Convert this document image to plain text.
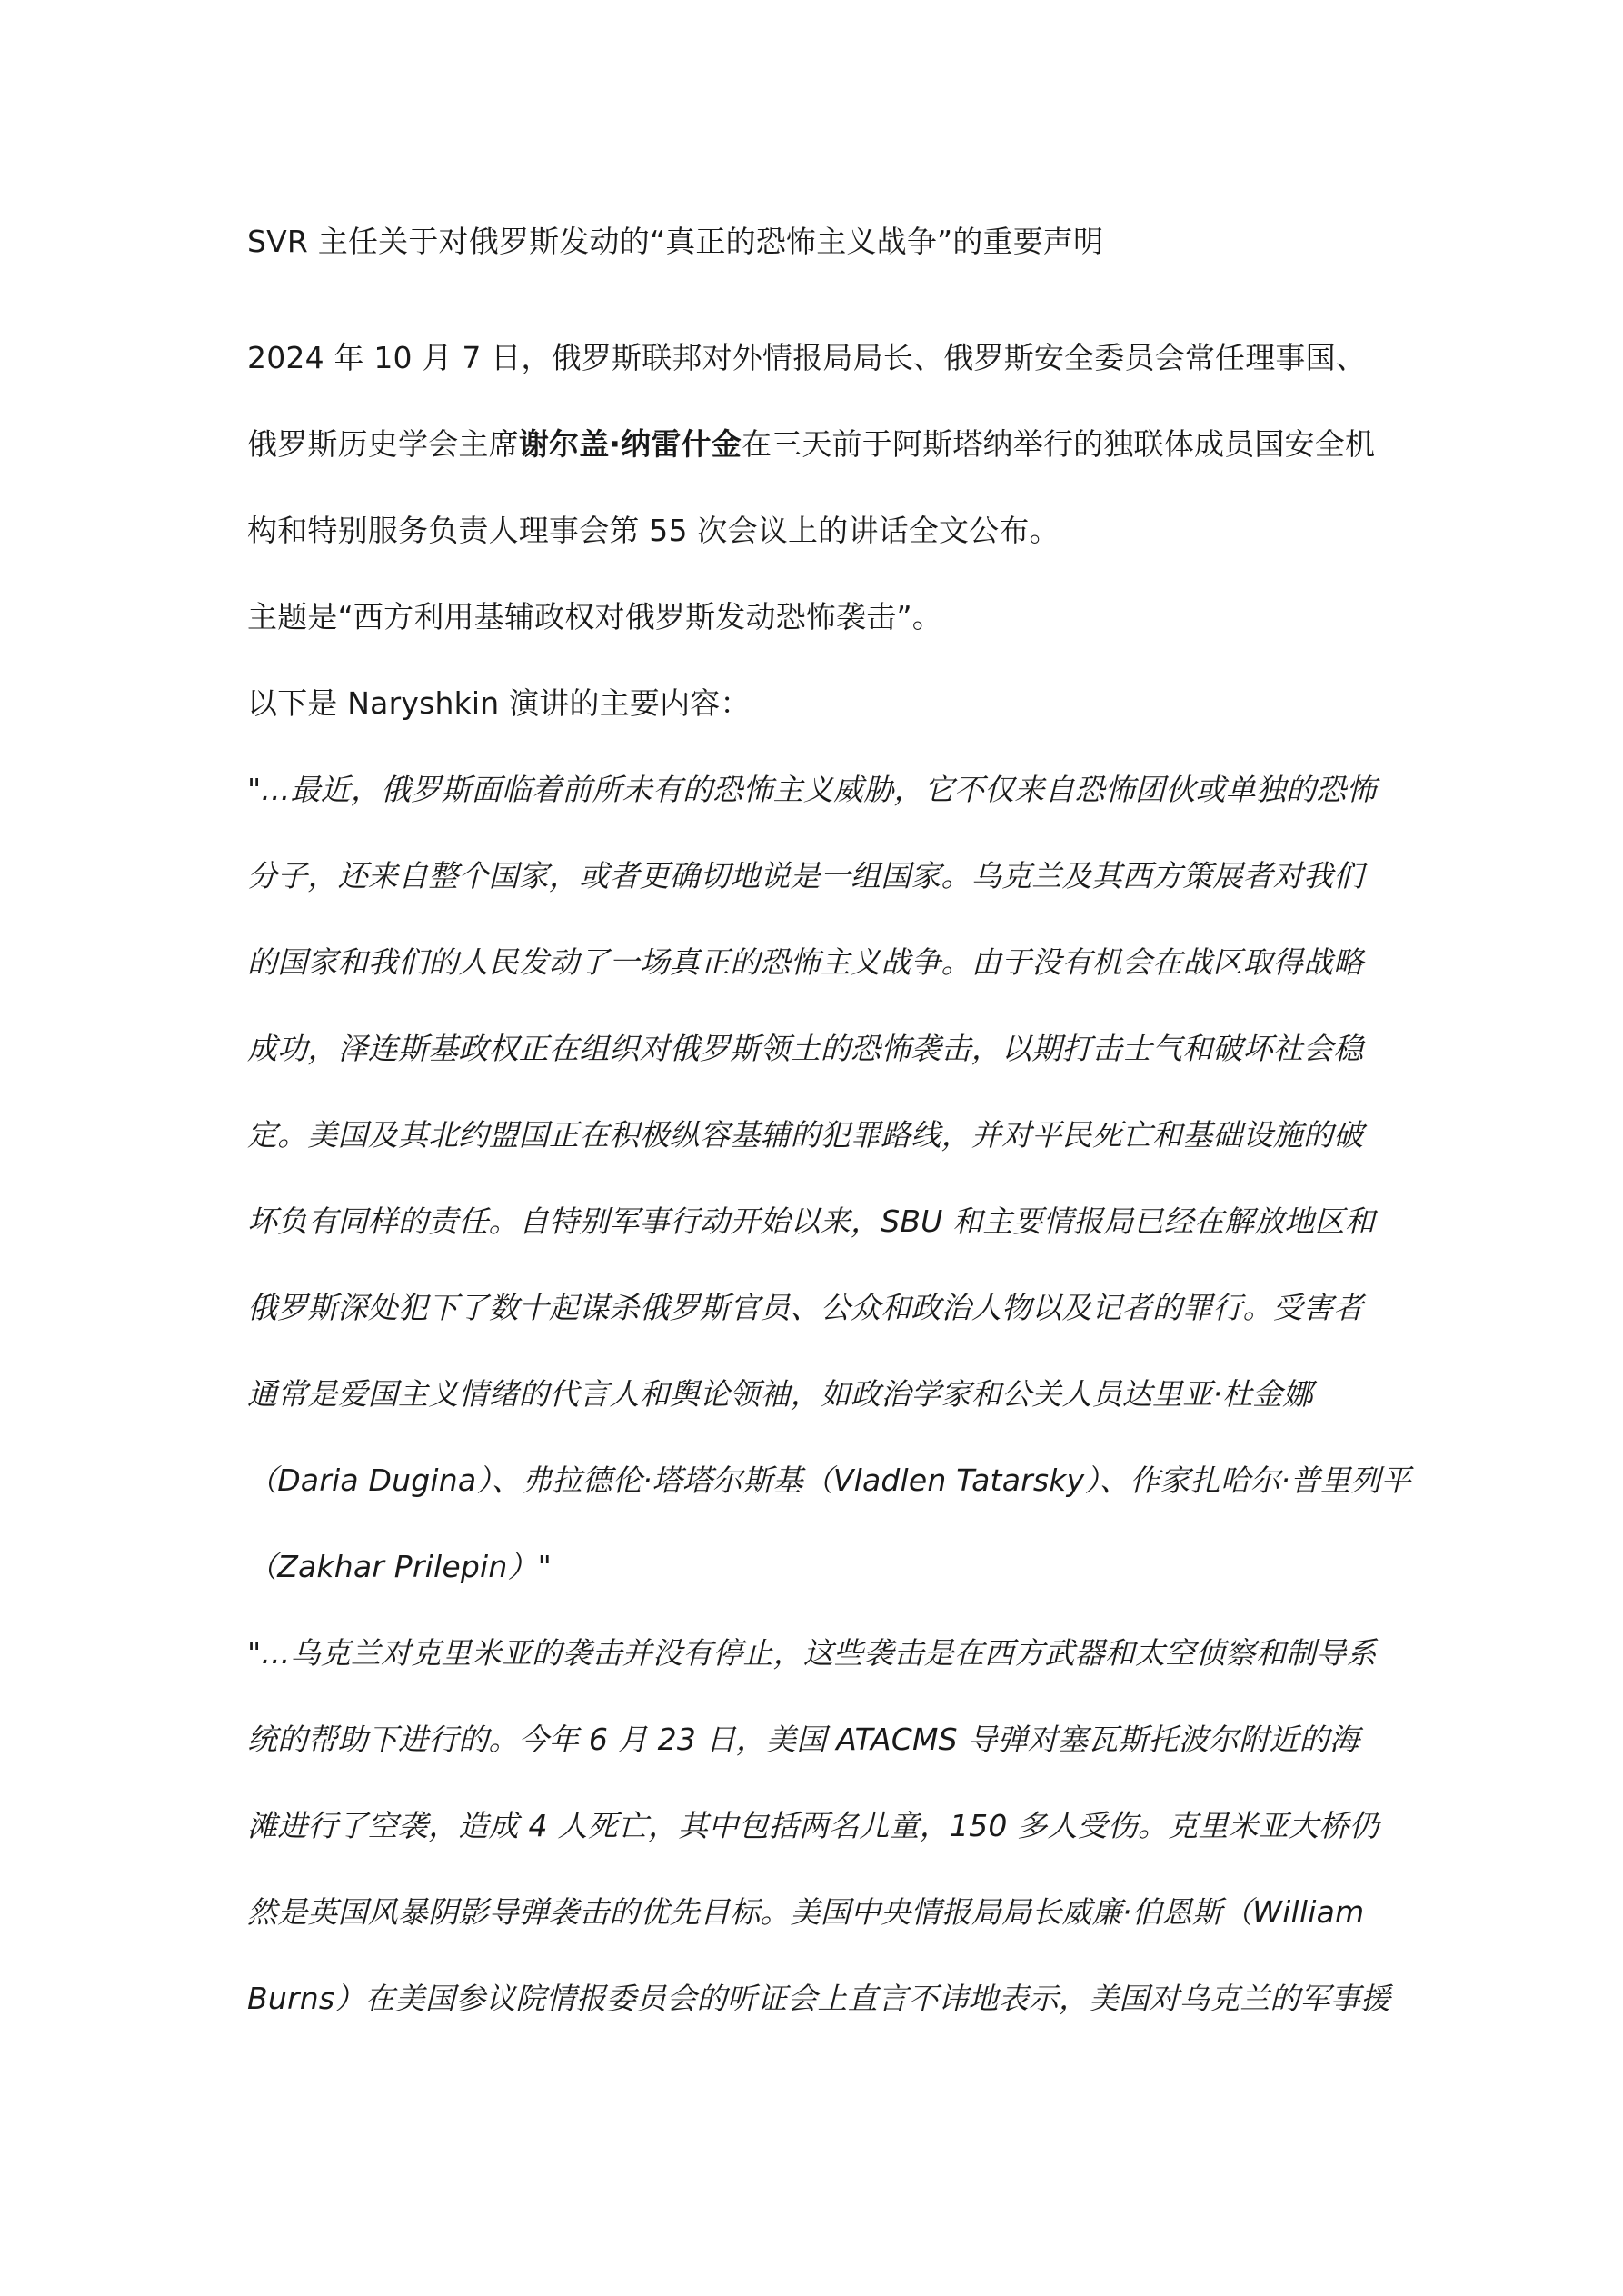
SVR 主任关于对俄罗斯发动的“真正的恐怖主义战争”的重要声明

2024 年 10 月 7 日，俄罗斯联邦对外情报局局长、俄罗斯安全委员会常任理事国、

俄罗斯历史学会主席谢尔盖·纳雷什金在三天前于阿斯塔纳举行的独联体成员国安全机

构和特别服务负责人理事会第 55 次会议上的讲话全文公布。

主题是“西方利用基辅政权对俄罗斯发动恐怖袭击”。

以下是 Naryshkin 演讲的主要内容：

"...最近，俄罗斯面临着前所未有的恐怖主义威胁，它不仅来自恐怖团伙或单独的恐怖

分子，还来自整个国家，或者更确切地说是一组国家。乌克兰及其西方策展者对我们

的国家和我们的人民发动了一场真正的恐怖主义战争。由于没有机会在战区取得战略

成功，泽连斯基政权正在组织对俄罗斯领土的恐怖袭击，以期打击士气和破坏社会稳

定。美国及其北约盟国正在积极纵容基辅的犯罪路线，并对平民死亡和基础设施的破

坏负有同样的责任。自特别军事行动开始以来，SBU 和主要情报局已经在解放地区和

俄罗斯深处犯下了数十起谋杀俄罗斯官员、公众和政治人物以及记者的罪行。受害者

通常是爱国主义情绪的代言人和舆论领袖，如政治学家和公关人员达里亚·杜金娜

（Daria Dugina）、弗拉德伦·塔塔尔斯基（Vladlen Tatarsky）、作家扎哈尔·普里列平

（Zakhar Prilepin）"

"...乌克兰对克里米亚的袭击并没有停止，这些袭击是在西方武器和太空侦察和制导系

统的帮助下进行的。今年 6 月 23 日，美国 ATACMS 导弹对塞瓦斯托波尔附近的海

滩进行了空袭，造成 4 人死亡，其中包括两名儿童，150 多人受伤。克里米亚大桥仍

然是英国风暴阴影导弹袭击的优先目标。美国中央情报局局长威廉·伯恩斯（William

Burns）在美国参议院情报委员会的听证会上直言不讳地表示，美国对乌克兰的军事援
